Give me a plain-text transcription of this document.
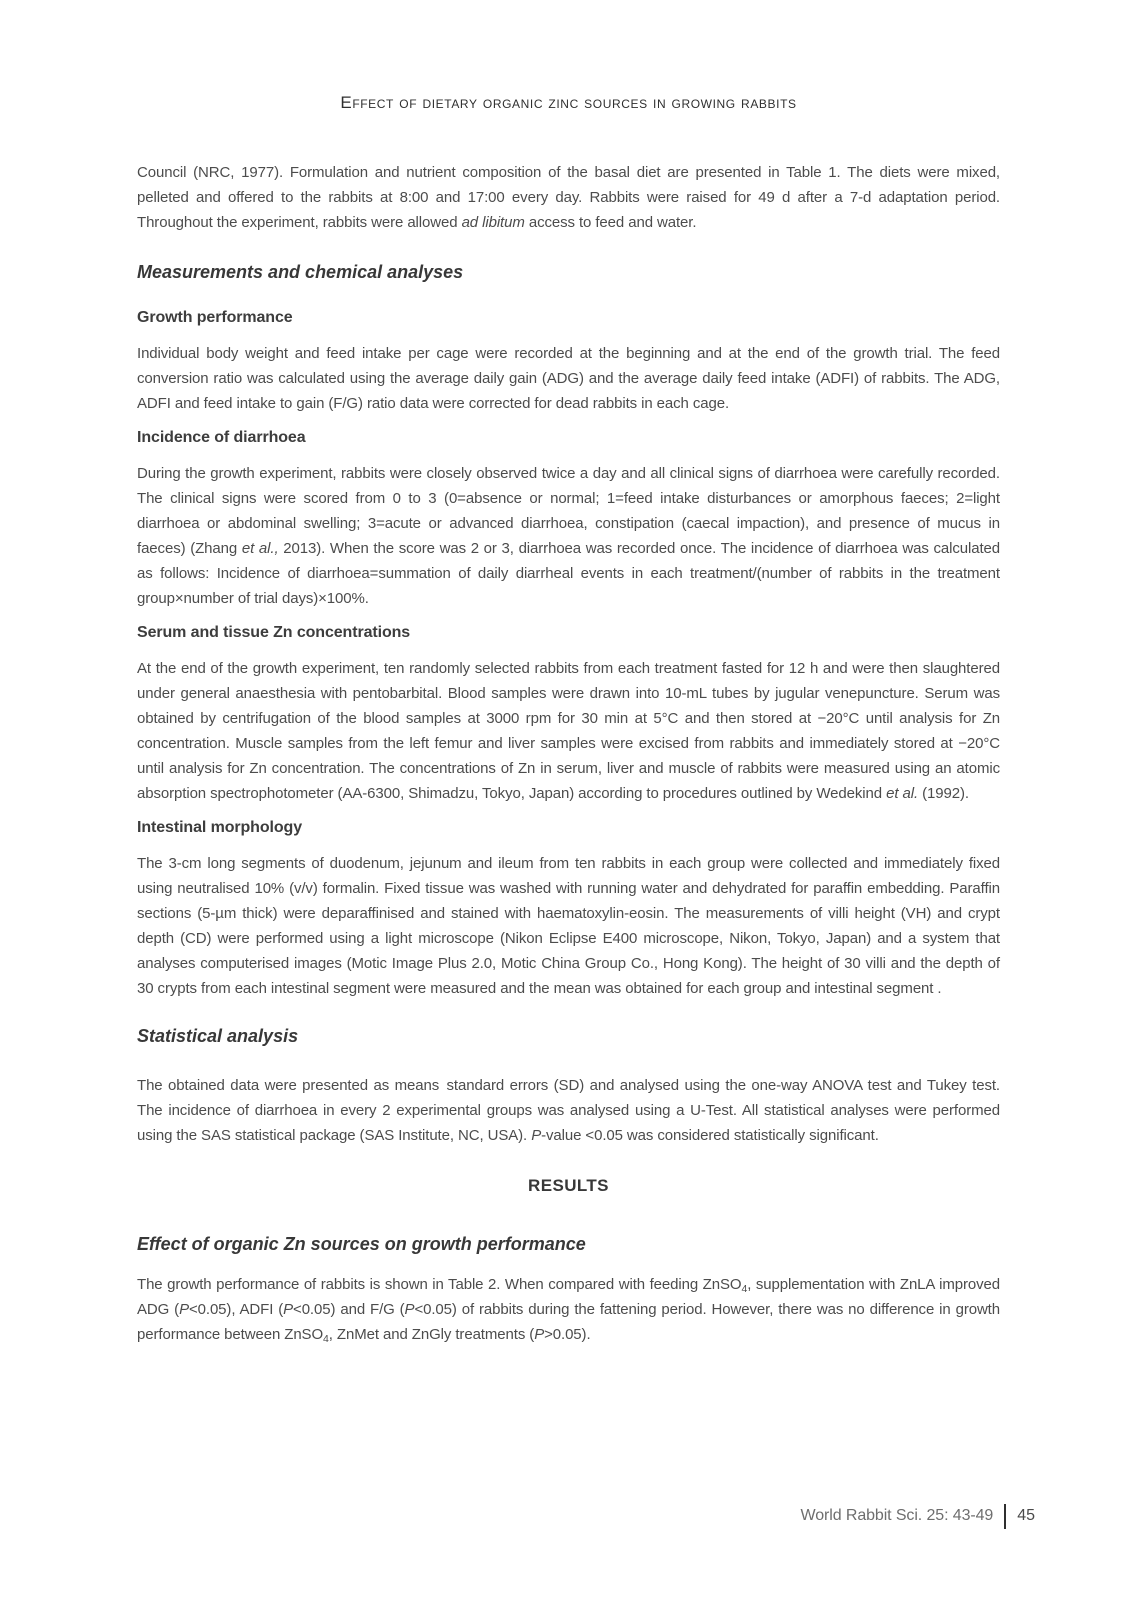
Effect of dietary organic zinc sources in growing rabbits

Council (NRC, 1977). Formulation and nutrient composition of the basal diet are presented in Table 1. The diets were mixed, pelleted and offered to the rabbits at 8:00 and 17:00 every day. Rabbits were raised for 49 d after a 7-d adaptation period. Throughout the experiment, rabbits were allowed ad libitum access to feed and water.

Measurements and chemical analyses
Growth performance

Individual body weight and feed intake per cage were recorded at the beginning and at the end of the growth trial. The feed conversion ratio was calculated using the average daily gain (ADG) and the average daily feed intake (ADFI) of rabbits. The ADG, ADFI and feed intake to gain (F/G) ratio data were corrected for dead rabbits in each cage.

Incidence of diarrhoea

During the growth experiment, rabbits were closely observed twice a day and all clinical signs of diarrhoea were carefully recorded. The clinical signs were scored from 0 to 3 (0=absence or normal; 1=feed intake disturbances or amorphous faeces; 2=light diarrhoea or abdominal swelling; 3=acute or advanced diarrhoea, constipation (caecal impaction), and presence of mucus in faeces) (Zhang et al., 2013). When the score was 2 or 3, diarrhoea was recorded once. The incidence of diarrhoea was calculated as follows: Incidence of diarrhoea=summation of daily diarrheal events in each treatment/(number of rabbits in the treatment group×number of trial days)×100%.

Serum and tissue Zn concentrations

At the end of the growth experiment, ten randomly selected rabbits from each treatment fasted for 12 h and were then slaughtered under general anaesthesia with pentobarbital. Blood samples were drawn into 10-mL tubes by jugular venepuncture. Serum was obtained by centrifugation of the blood samples at 3000 rpm for 30 min at 5°C and then stored at −20°C until analysis for Zn concentration. Muscle samples from the left femur and liver samples were excised from rabbits and immediately stored at −20°C until analysis for Zn concentration. The concentrations of Zn in serum, liver and muscle of rabbits were measured using an atomic absorption spectrophotometer (AA-6300, Shimadzu, Tokyo, Japan) according to procedures outlined by Wedekind et al. (1992).

Intestinal morphology

The 3-cm long segments of duodenum, jejunum and ileum from ten rabbits in each group were collected and immediately fixed using neutralised 10% (v/v) formalin. Fixed tissue was washed with running water and dehydrated for paraffin embedding. Paraffin sections (5-µm thick) were deparaffinised and stained with haematoxylin-eosin. The measurements of villi height (VH) and crypt depth (CD) were performed using a light microscope (Nikon Eclipse E400 microscope, Nikon, Tokyo, Japan) and a system that analyses computerised images (Motic Image Plus 2.0, Motic China Group Co., Hong Kong). The height of 30 villi and the depth of 30 crypts from each intestinal segment were measured and the mean was obtained for each group and intestinal segment .

Statistical analysis

The obtained data were presented as means standard errors (SD) and analysed using the one-way ANOVA test and Tukey test. The incidence of diarrhoea in every 2 experimental groups was analysed using a U-Test. All statistical analyses were performed using the SAS statistical package (SAS Institute, NC, USA). P-value <0.05 was considered statistically significant.

RESULTS
Effect of organic Zn sources on growth performance

The growth performance of rabbits is shown in Table 2. When compared with feeding ZnSO$_4$, supplementation with ZnLA improved ADG (P<0.05), ADFI (P<0.05) and F/G (P<0.05) of rabbits during the fattening period. However, there was no difference in growth performance between ZnSO$_4$, ZnMet and ZnGly treatments (P>0.05).

World Rabbit Sci. 25: 43-49 45
